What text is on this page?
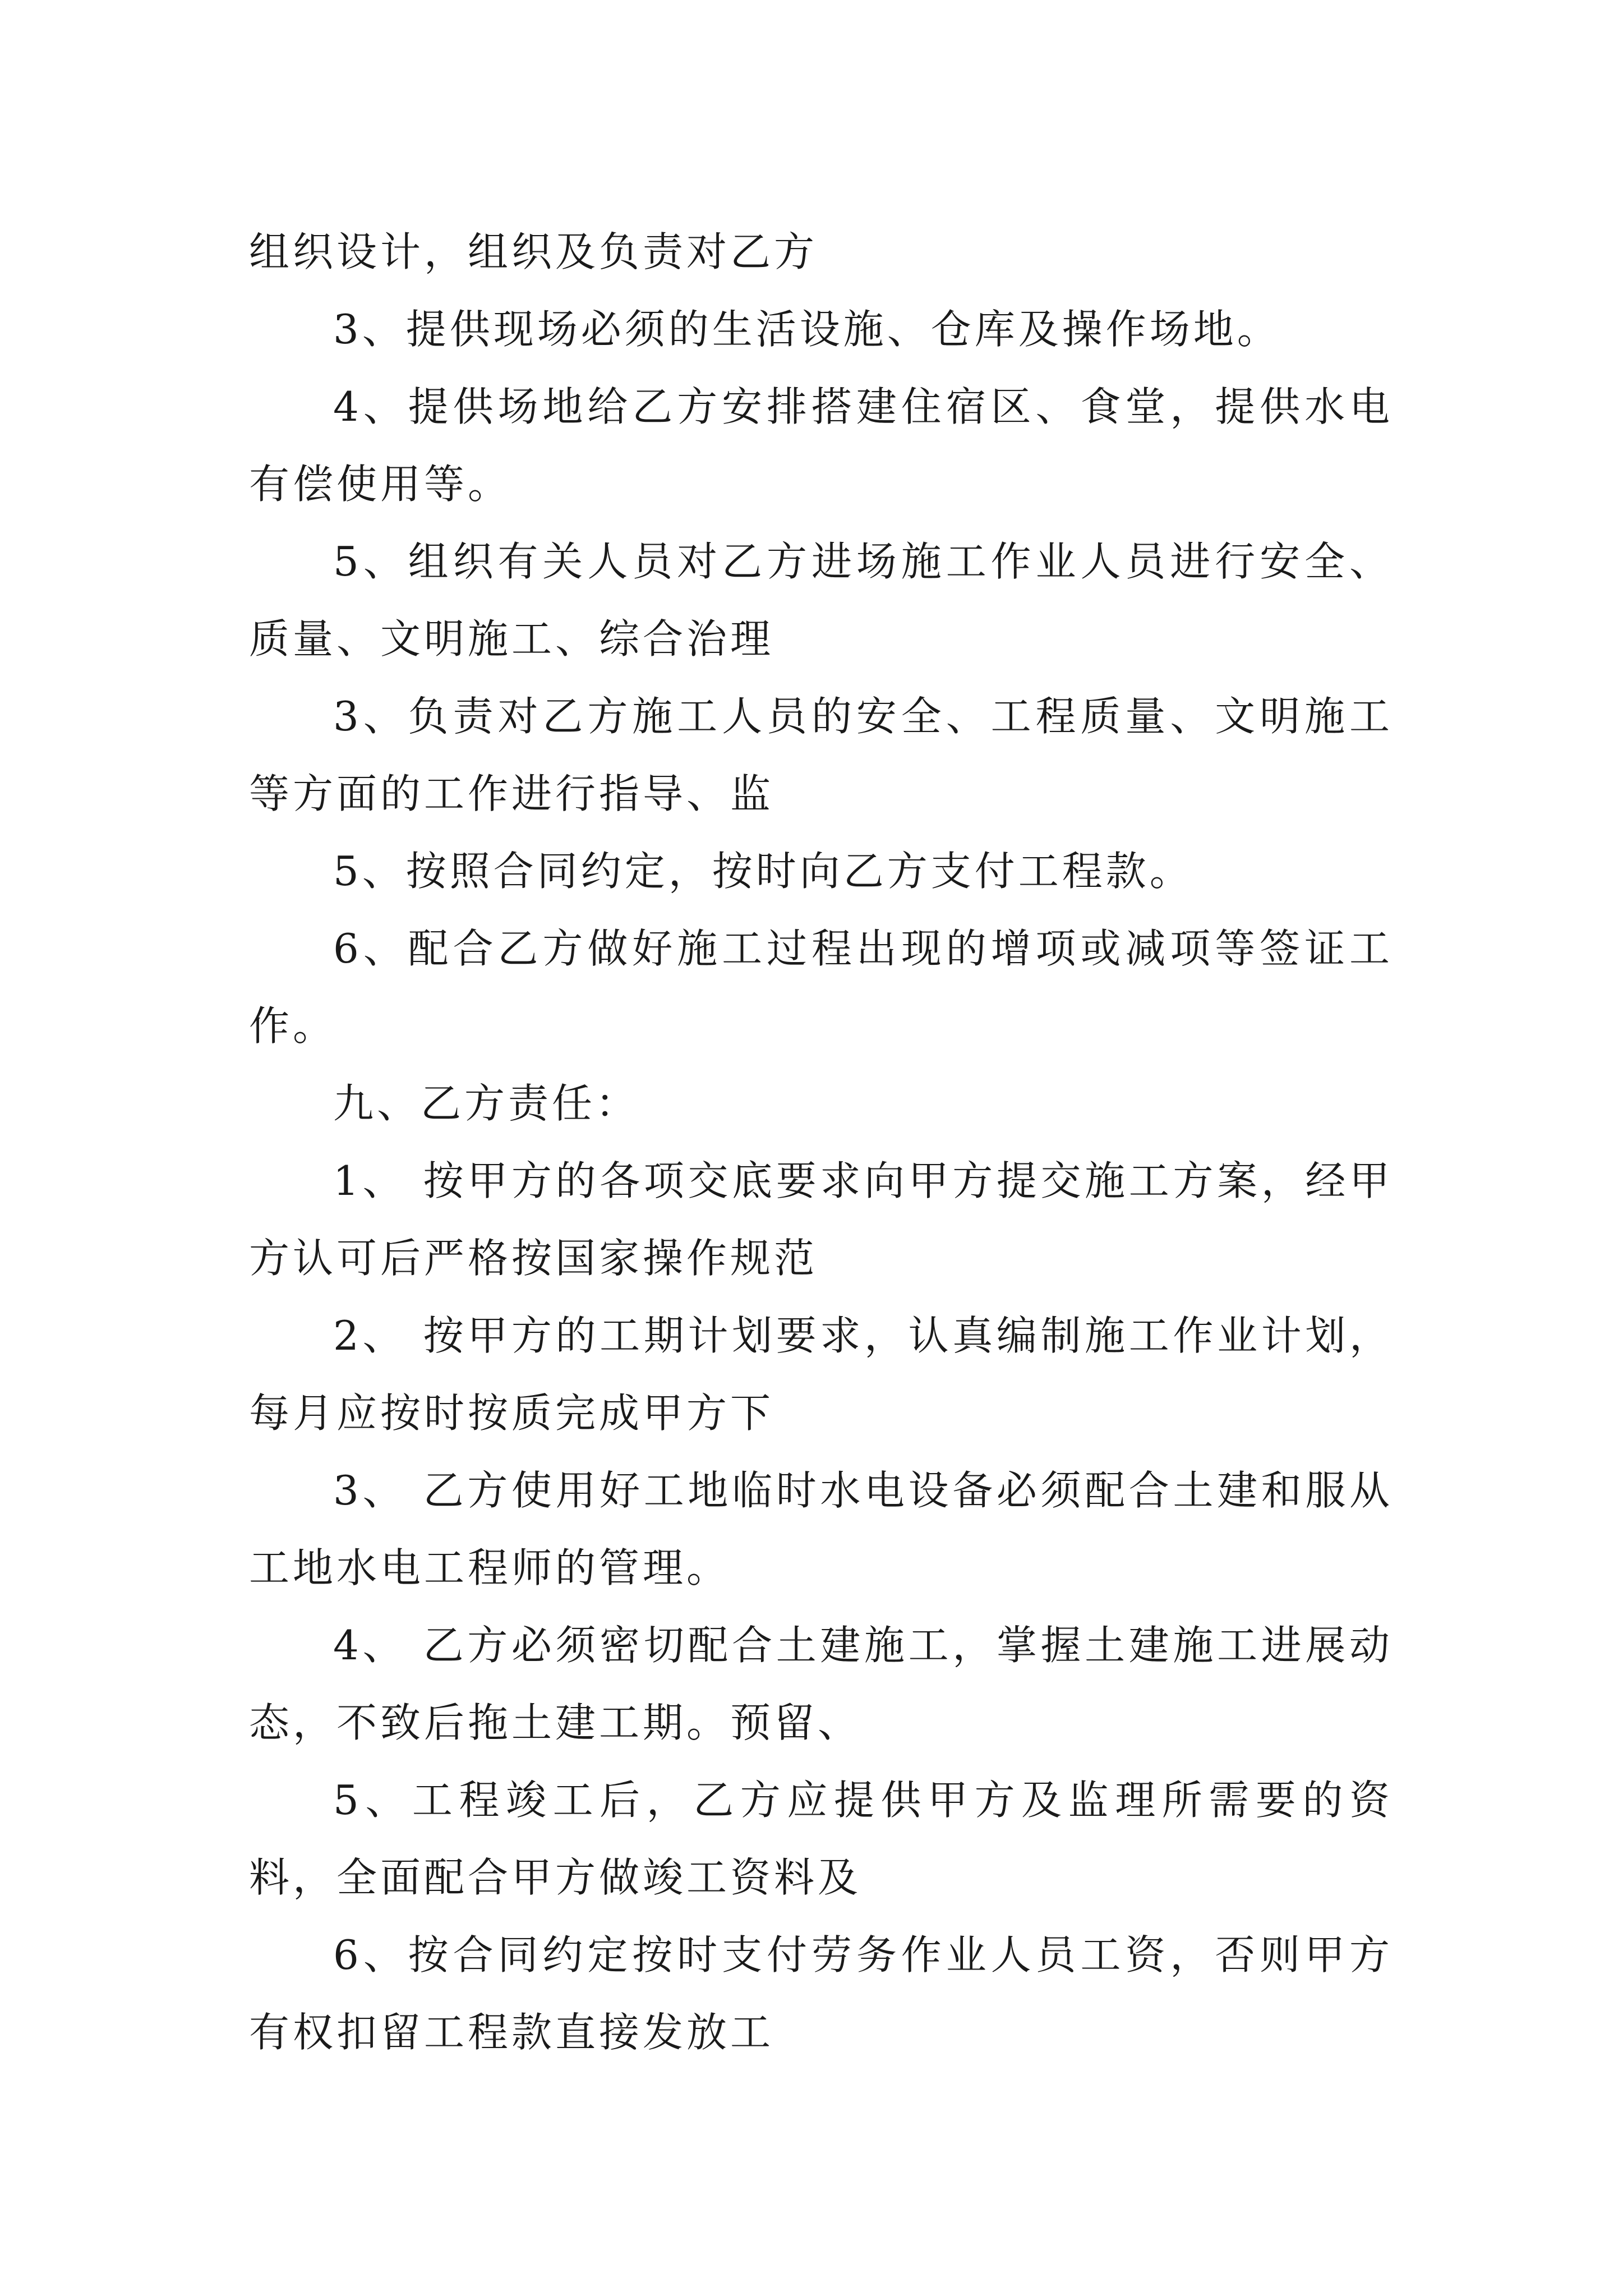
组织设计，组织及负责对乙方

3、提供现场必须的生活设施、仓库及操作场地。

4、提供场地给乙方安排搭建住宿区、食堂，提供水电有偿使用等。

5、组织有关人员对乙方进场施工作业人员进行安全、质量、文明施工、综合治理

3、负责对乙方施工人员的安全、工程质量、文明施工等方面的工作进行指导、监

5、按照合同约定，按时向乙方支付工程款。

6、配合乙方做好施工过程出现的增项或减项等签证工作。

九、乙方责任：

1、 按甲方的各项交底要求向甲方提交施工方案，经甲方认可后严格按国家操作规范

2、 按甲方的工期计划要求，认真编制施工作业计划，每月应按时按质完成甲方下

3、 乙方使用好工地临时水电设备必须配合土建和服从工地水电工程师的管理。

4、 乙方必须密切配合土建施工，掌握土建施工进展动态，不致后拖土建工期。预留、

5、工程竣工后，乙方应提供甲方及监理所需要的资料，全面配合甲方做竣工资料及

6、按合同约定按时支付劳务作业人员工资，否则甲方有权扣留工程款直接发放工
